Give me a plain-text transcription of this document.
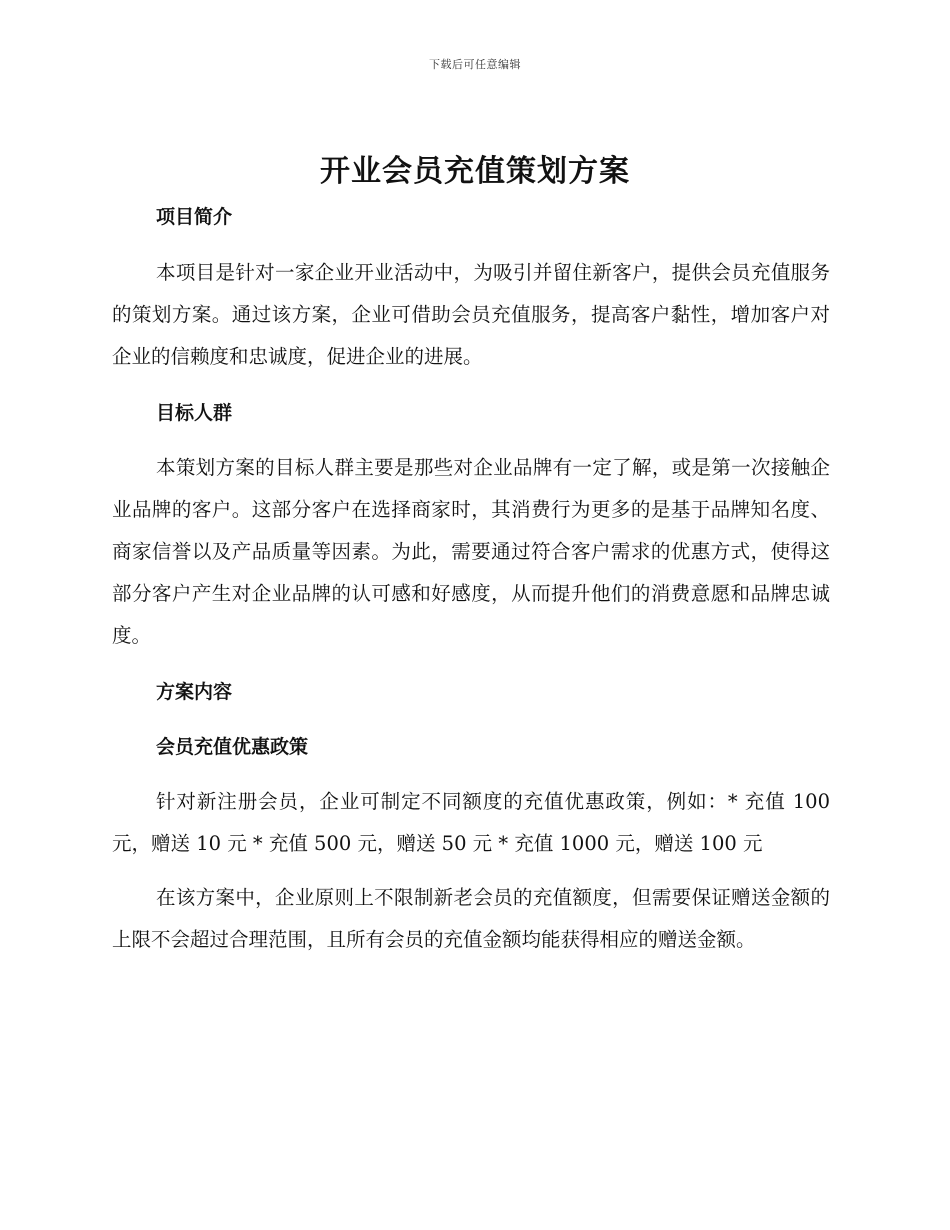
下载后可任意编辑
开业会员充值策划方案
项目简介

本项目是针对一家企业开业活动中，为吸引并留住新客户，提供会员充值服务的策划方案。通过该方案，企业可借助会员充值服务，提高客户黏性，增加客户对企业的信赖度和忠诚度，促进企业的进展。

目标人群

本策划方案的目标人群主要是那些对企业品牌有一定了解，或是第一次接触企业品牌的客户。这部分客户在选择商家时，其消费行为更多的是基于品牌知名度、商家信誉以及产品质量等因素。为此，需要通过符合客户需求的优惠方式，使得这部分客户产生对企业品牌的认可感和好感度，从而提升他们的消费意愿和品牌忠诚度。

方案内容
会员充值优惠政策

针对新注册会员，企业可制定不同额度的充值优惠政策，例如：* 充值 100 元，赠送 10 元 * 充值 500 元，赠送 50 元 * 充值 1000 元，赠送 100 元

在该方案中，企业原则上不限制新老会员的充值额度，但需要保证赠送金额的上限不会超过合理范围，且所有会员的充值金额均能获得相应的赠送金额。
